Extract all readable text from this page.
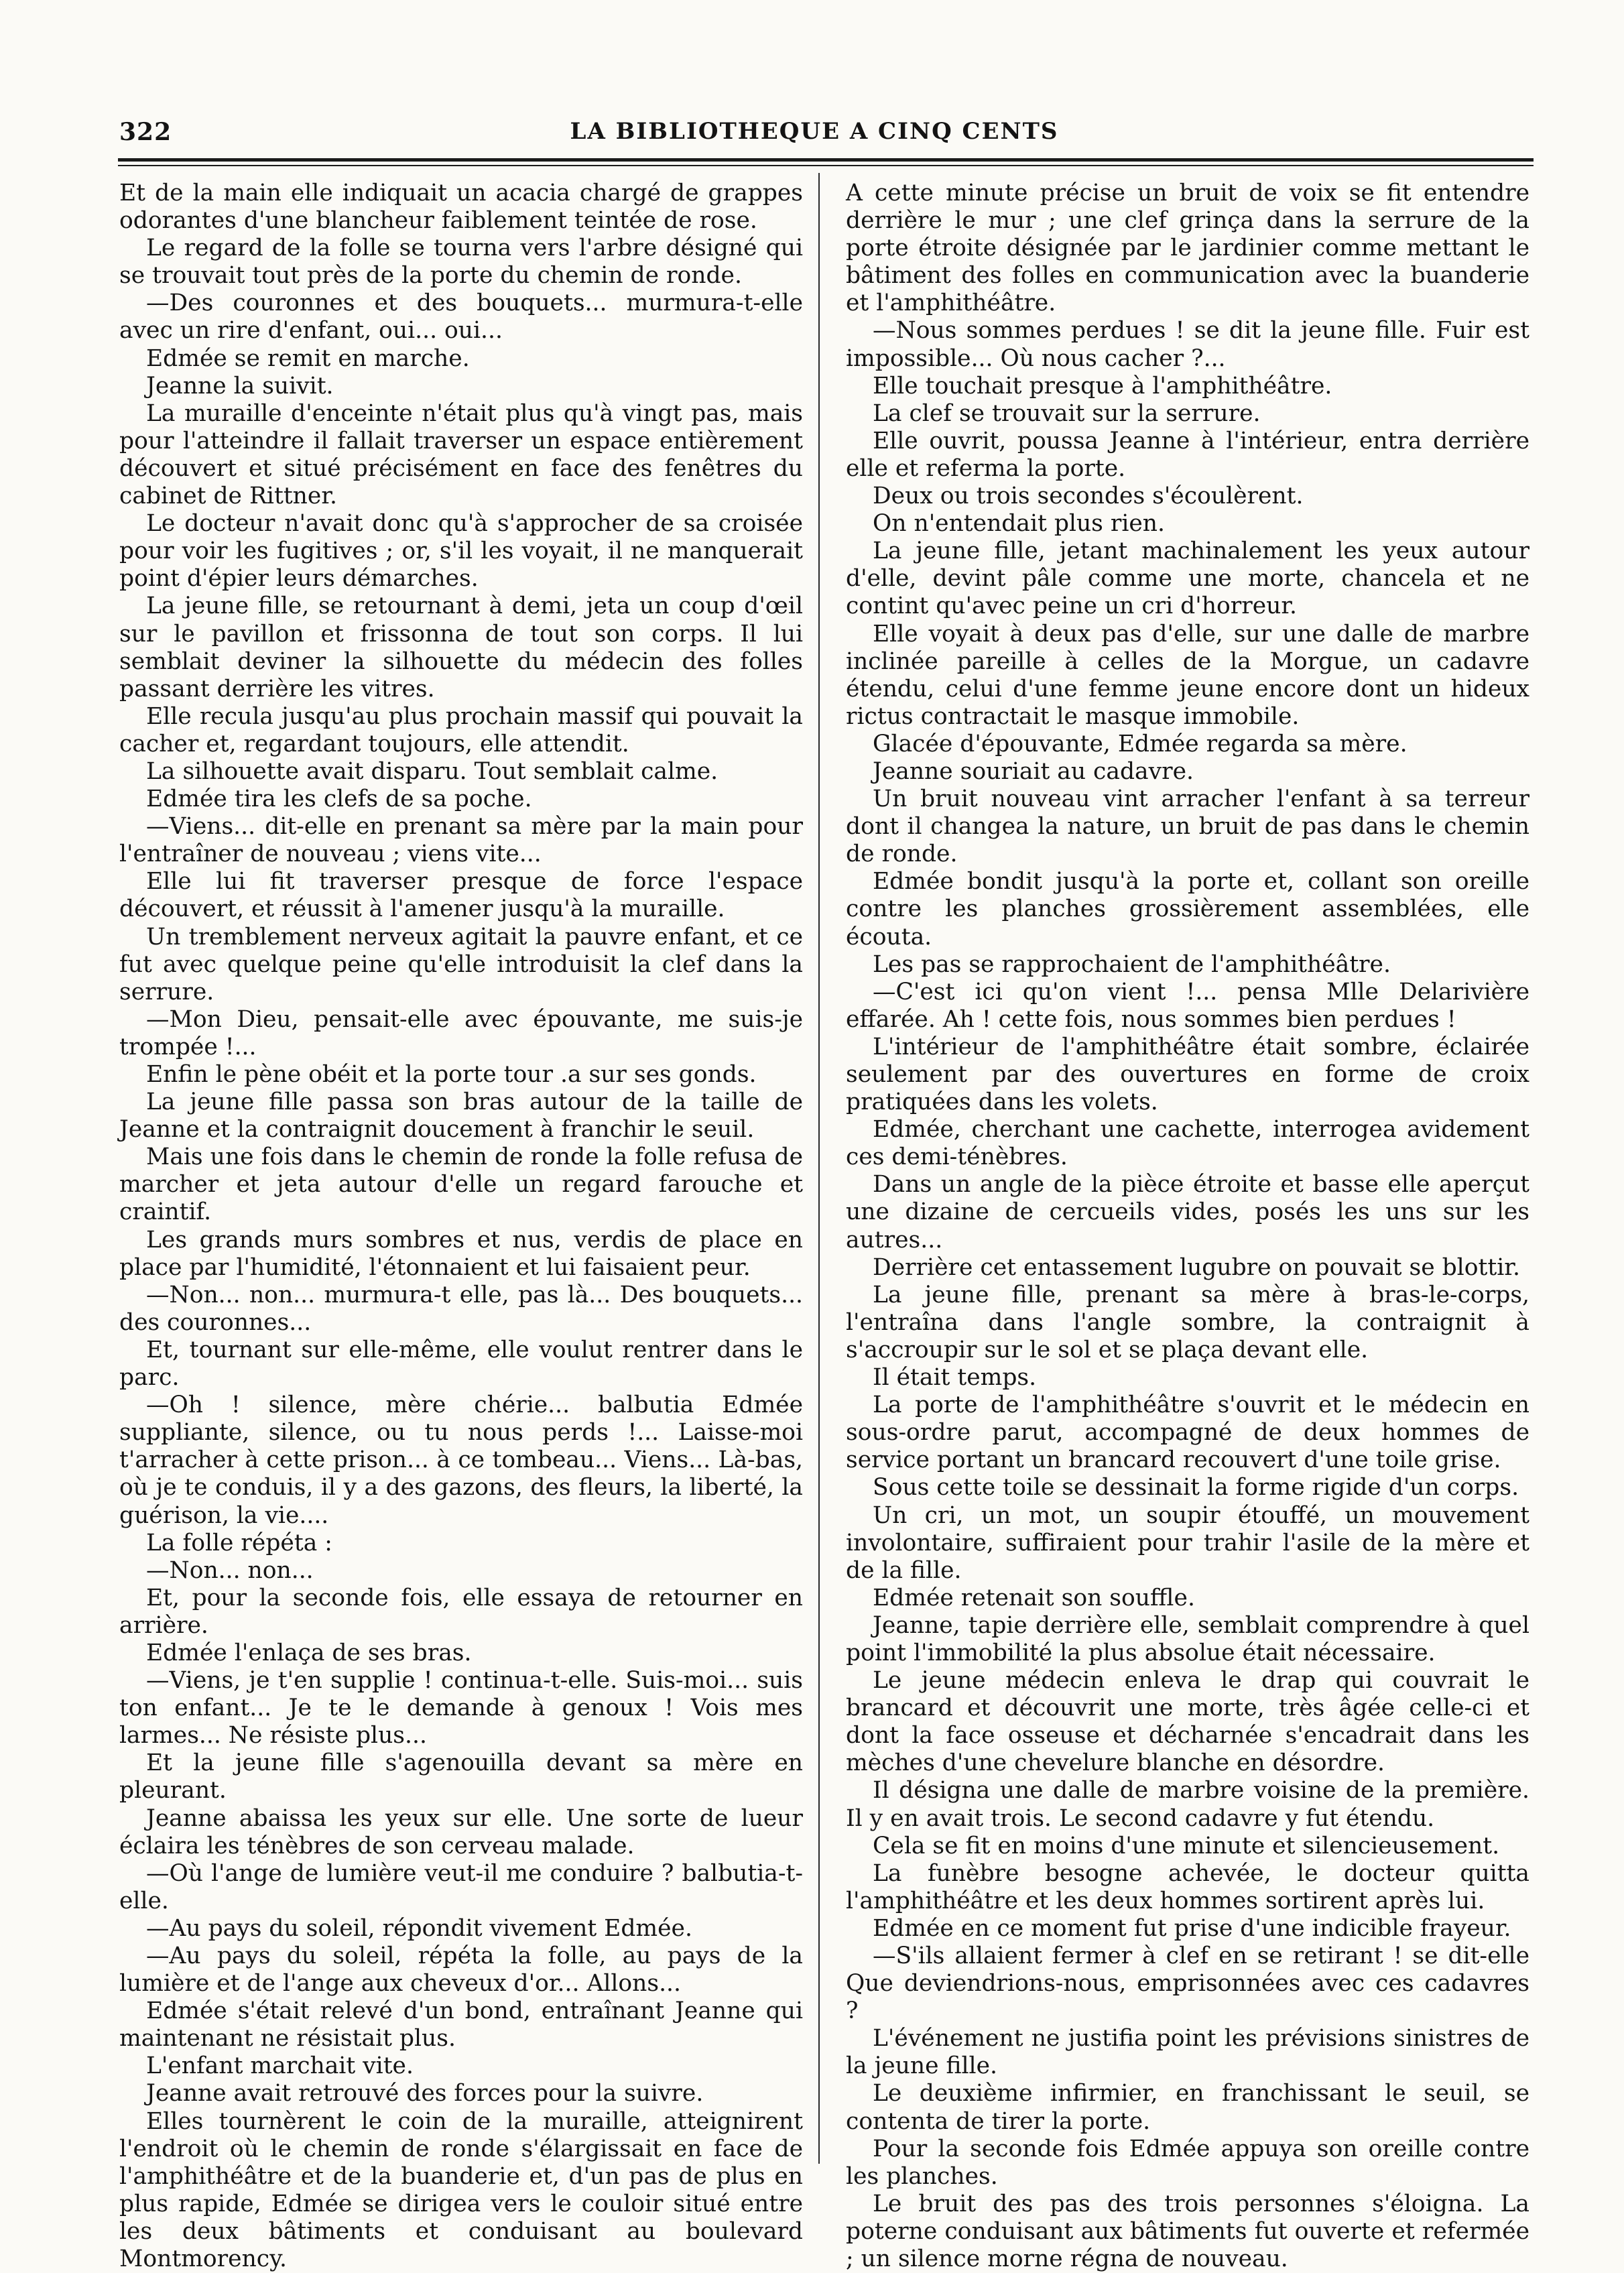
322	LA BIBLIOTHEQUE A CINQ CENTS

Et de la main elle indiquait un acacia chargé de grappes odorantes d'une blancheur faiblement teintée de rose.

Le regard de la folle se tourna vers l'arbre désigné qui se trouvait tout près de la porte du chemin de ronde.

—Des couronnes et des bouquets... murmura-t-elle avec un rire d'enfant, oui... oui...

Edmée se remit en marche.

Jeanne la suivit.

La muraille d'enceinte n'était plus qu'à vingt pas, mais pour l'atteindre il fallait traverser un espace entièrement découvert et situé précisément en face des fenêtres du cabinet de Rittner.

Le docteur n'avait donc qu'à s'approcher de sa croisée pour voir les fugitives ; or, s'il les voyait, il ne manquerait point d'épier leurs démarches.

La jeune fille, se retournant à demi, jeta un coup d'œil sur le pavillon et frissonna de tout son corps. Il lui semblait deviner la silhouette du médecin des folles passant derrière les vitres.

Elle recula jusqu'au plus prochain massif qui pouvait la cacher et, regardant toujours, elle attendit.

La silhouette avait disparu. Tout semblait calme.

Edmée tira les clefs de sa poche.

—Viens... dit-elle en prenant sa mère par la main pour l'entraîner de nouveau ; viens vite...

Elle lui fit traverser presque de force l'espace découvert, et réussit à l'amener jusqu'à la muraille.

Un tremblement nerveux agitait la pauvre enfant, et ce fut avec quelque peine qu'elle introduisit la clef dans la serrure.

—Mon Dieu, pensait-elle avec épouvante, me suis-je trompée !...

Enfin le pène obéit et la porte tour .a sur ses gonds.

La jeune fille passa son bras autour de la taille de Jeanne et la contraignit doucement à franchir le seuil.

Mais une fois dans le chemin de ronde la folle refusa de marcher et jeta autour d'elle un regard farouche et craintif.

Les grands murs sombres et nus, verdis de place en place par l'humidité, l'étonnaient et lui faisaient peur.

—Non... non... murmura-t elle, pas là... Des bouquets... des couronnes...

Et, tournant sur elle-même, elle voulut rentrer dans le parc.

—Oh ! silence, mère chérie... balbutia Edmée suppliante, silence, ou tu nous perds !... Laisse-moi t'arracher à cette prison... à ce tombeau... Viens... Là-bas, où je te conduis, il y a des gazons, des fleurs, la liberté, la guérison, la vie....

La folle répéta :

—Non... non...

Et, pour la seconde fois, elle essaya de retourner en arrière.

Edmée l'enlaça de ses bras.

—Viens, je t'en supplie ! continua-t-elle. Suis-moi... suis ton enfant... Je te le demande à genoux ! Vois mes larmes... Ne résiste plus...

Et la jeune fille s'agenouilla devant sa mère en pleurant.

Jeanne abaissa les yeux sur elle. Une sorte de lueur éclaira les ténèbres de son cerveau malade.

—Où l'ange de lumière veut-il me conduire ? balbutia-t-elle.

—Au pays du soleil, répondit vivement Edmée.

—Au pays du soleil, répéta la folle, au pays de la lumière et de l'ange aux cheveux d'or... Allons...

Edmée s'était relevé d'un bond, entraînant Jeanne qui maintenant ne résistait plus.

L'enfant marchait vite.

Jeanne avait retrouvé des forces pour la suivre.

Elles tournèrent le coin de la muraille, atteignirent l'endroit où le chemin de ronde s'élargissait en face de l'amphithéâtre et de la buanderie et, d'un pas de plus en plus rapide, Edmée se dirigea vers le couloir situé entre les deux bâtiments et conduisant au boulevard Montmorency.

A cette minute précise un bruit de voix se fit entendre derrière le mur ; une clef grinça dans la serrure de la porte étroite désignée par le jardinier comme mettant le bâtiment des folles en communication avec la buanderie et l'amphithéâtre.

—Nous sommes perdues ! se dit la jeune fille. Fuir est impossible... Où nous cacher ?...

Elle touchait presque à l'amphithéâtre.

La clef se trouvait sur la serrure.

Elle ouvrit, poussa Jeanne à l'intérieur, entra derrière elle et referma la porte.

Deux ou trois secondes s'écoulèrent.

On n'entendait plus rien.

La jeune fille, jetant machinalement les yeux autour d'elle, devint pâle comme une morte, chancela et ne contint qu'avec peine un cri d'horreur.

Elle voyait à deux pas d'elle, sur une dalle de marbre inclinée pareille à celles de la Morgue, un cadavre étendu, celui d'une femme jeune encore dont un hideux rictus contractait le masque immobile.

Glacée d'épouvante, Edmée regarda sa mère.

Jeanne souriait au cadavre.

Un bruit nouveau vint arracher l'enfant à sa terreur dont il changea la nature, un bruit de pas dans le chemin de ronde.

Edmée bondit jusqu'à la porte et, collant son oreille contre les planches grossièrement assemblées, elle écouta.

Les pas se rapprochaient de l'amphithéâtre.

—C'est ici qu'on vient !... pensa Mlle Delarivière effarée. Ah ! cette fois, nous sommes bien perdues !

L'intérieur de l'amphithéâtre était sombre, éclairée seulement par des ouvertures en forme de croix pratiquées dans les volets.

Edmée, cherchant une cachette, interrogea avidement ces demi-ténèbres.

Dans un angle de la pièce étroite et basse elle aperçut une dizaine de cercueils vides, posés les uns sur les autres...

Derrière cet entassement lugubre on pouvait se blottir.

La jeune fille, prenant sa mère à bras-le-corps, l'entraîna dans l'angle sombre, la contraignit à s'accroupir sur le sol et se plaça devant elle.

Il était temps.

La porte de l'amphithéâtre s'ouvrit et le médecin en sous-ordre parut, accompagné de deux hommes de service portant un brancard recouvert d'une toile grise.

Sous cette toile se dessinait la forme rigide d'un corps.

Un cri, un mot, un soupir étouffé, un mouvement involontaire, suffiraient pour trahir l'asile de la mère et de la fille.

Edmée retenait son souffle.

Jeanne, tapie derrière elle, semblait comprendre à quel point l'immobilité la plus absolue était nécessaire.

Le jeune médecin enleva le drap qui couvrait le brancard et découvrit une morte, très âgée celle-ci et dont la face osseuse et décharnée s'encadrait dans les mèches d'une chevelure blanche en désordre.

Il désigna une dalle de marbre voisine de la première. Il y en avait trois. Le second cadavre y fut étendu.

Cela se fit en moins d'une minute et silencieusement.

La funèbre besogne achevée, le docteur quitta l'amphithéâtre et les deux hommes sortirent après lui.

Edmée en ce moment fut prise d'une indicible frayeur.

—S'ils allaient fermer à clef en se retirant ! se dit-elle Que deviendrions-nous, emprisonnées avec ces cadavres ?

L'événement ne justifia point les prévisions sinistres de la jeune fille.

Le deuxième infirmier, en franchissant le seuil, se contenta de tirer la porte.

Pour la seconde fois Edmée appuya son oreille contre les planches.

Le bruit des pas des trois personnes s'éloigna. La poterne conduisant aux bâtiments fut ouverte et refermée ; un silence morne régna de nouveau.
